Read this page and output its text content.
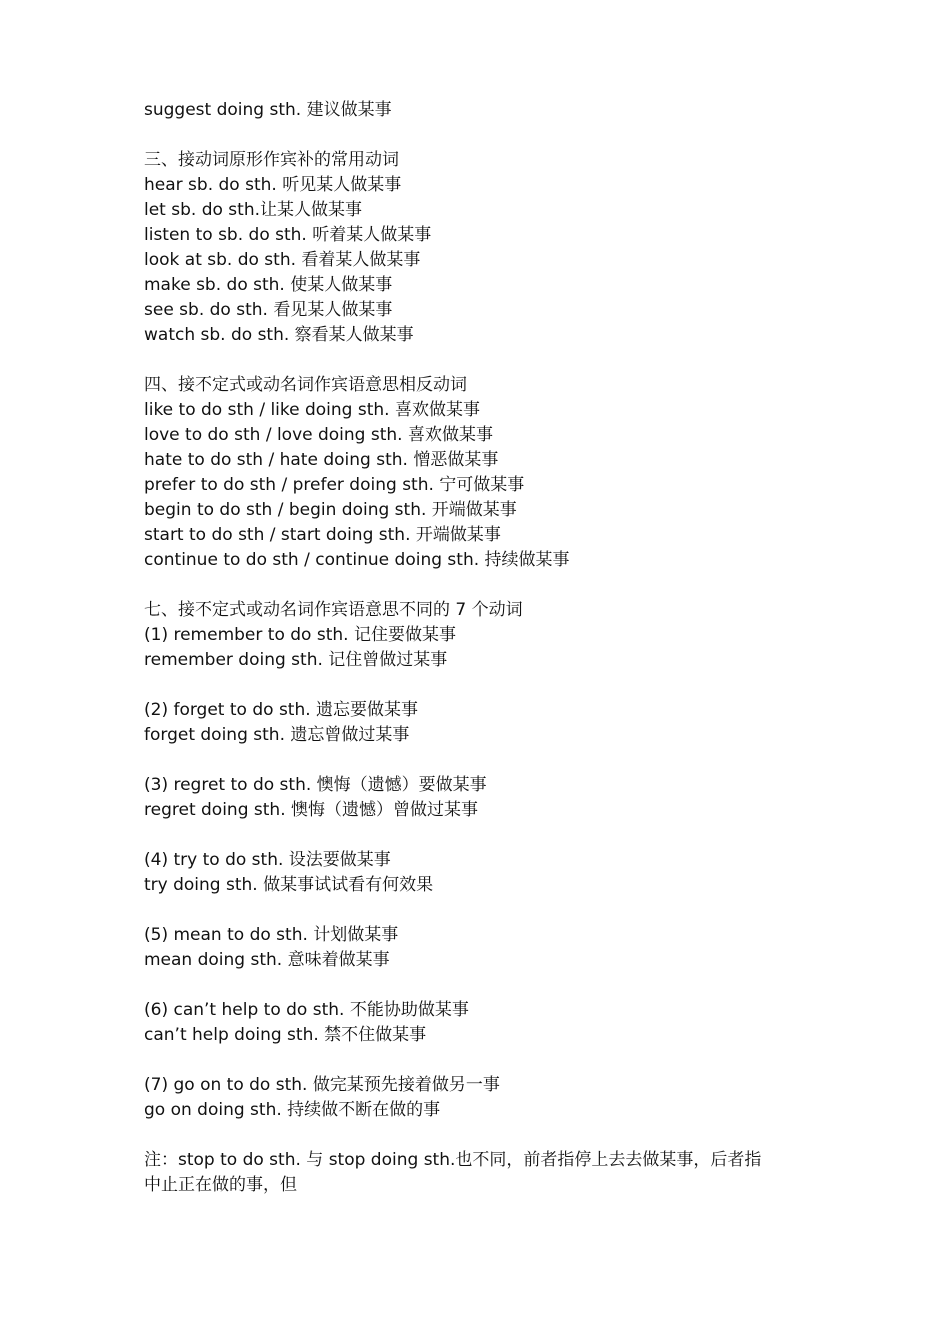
suggest doing sth. 建议做某事
三、接动词原形作宾补的常用动词
hear sb. do sth. 听见某人做某事
let sb. do sth.让某人做某事
listen to sb. do sth. 听着某人做某事
look at sb. do sth. 看着某人做某事
make sb. do sth. 使某人做某事
see sb. do sth. 看见某人做某事
watch sb. do sth. 察看某人做某事
四、接不定式或动名词作宾语意思相反动词
like to do sth / like doing sth. 喜欢做某事
love to do sth / love doing sth. 喜欢做某事
hate to do sth / hate doing sth. 憎恶做某事
prefer to do sth / prefer doing sth. 宁可做某事
begin to do sth / begin doing sth. 开端做某事
start to do sth / start doing sth. 开端做某事
continue to do sth / continue doing sth. 持续做某事
七、接不定式或动名词作宾语意思不同的 7 个动词
(1) remember to do sth. 记住要做某事
remember doing sth. 记住曾做过某事
(2) forget to do sth. 遗忘要做某事
forget doing sth. 遗忘曾做过某事
(3) regret to do sth. 懊悔（遗憾）要做某事
regret doing sth. 懊悔（遗憾）曾做过某事
(4) try to do sth. 设法要做某事
try doing sth. 做某事试试看有何效果
(5) mean to do sth. 计划做某事
mean doing sth. 意味着做某事
(6) can’t help to do sth. 不能协助做某事
can’t help doing sth. 禁不住做某事
(7) go on to do sth. 做完某预先接着做另一事
go on doing sth. 持续做不断在做的事
注：stop to do sth. 与 stop doing sth.也不同，前者指停上去去做某事，后者指
中止正在做的事，但
